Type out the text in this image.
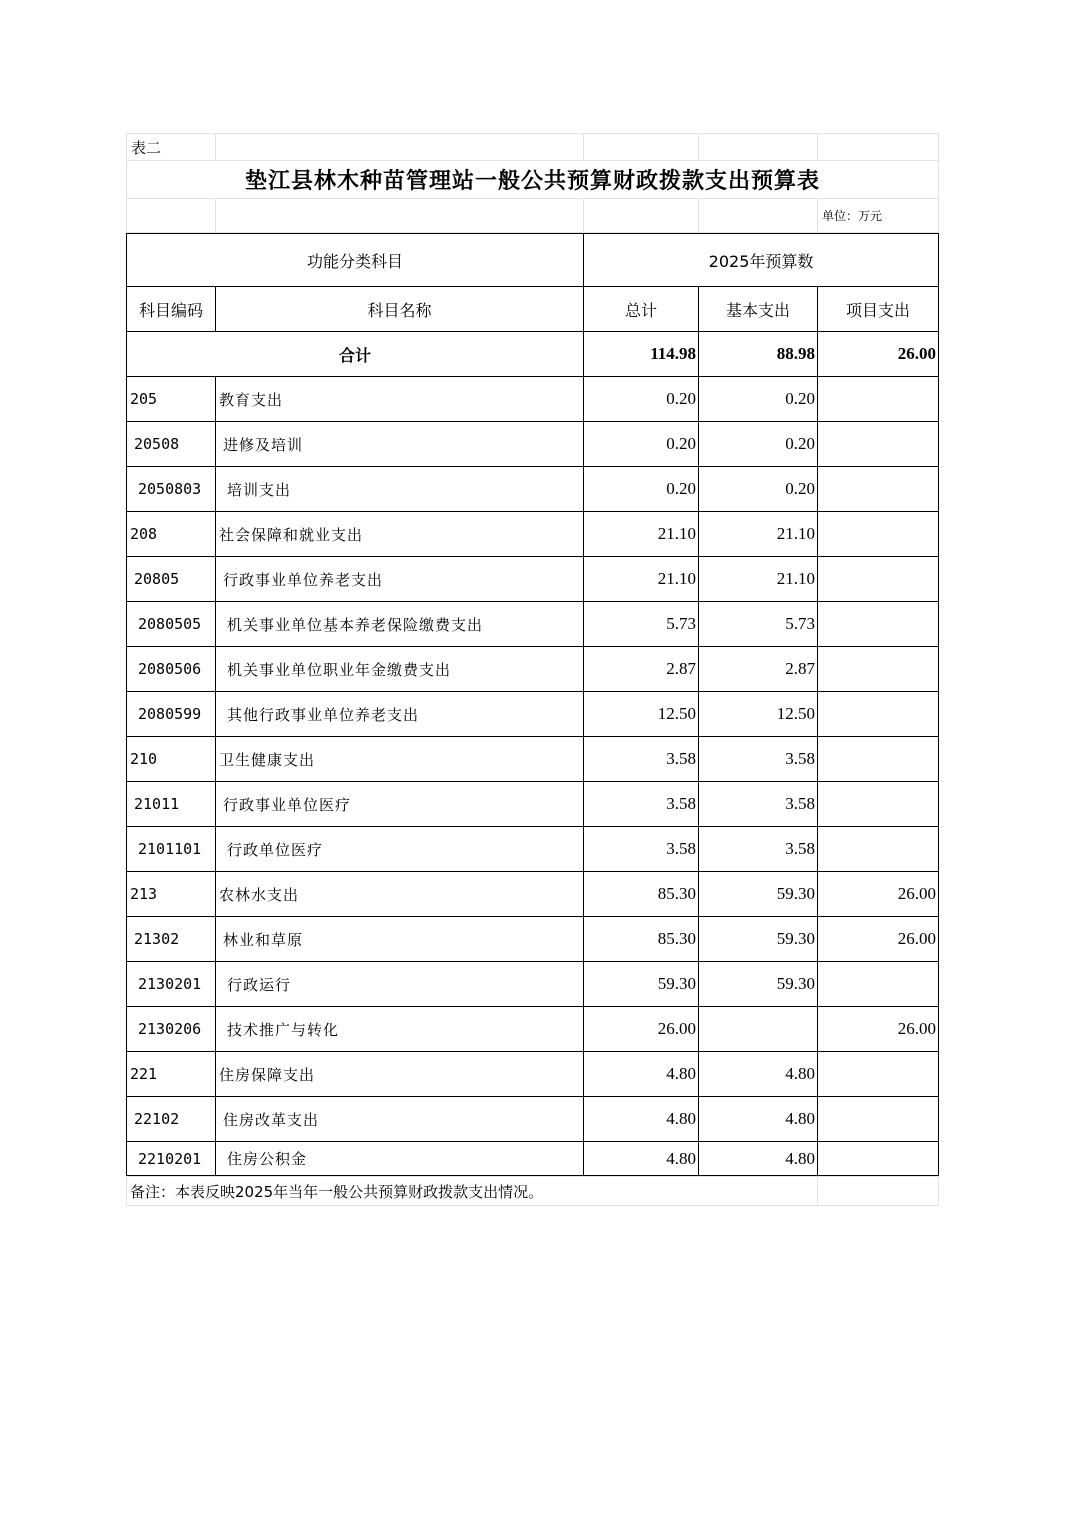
表二				
垫江县林木种苗管理站一般公共预算财政拨款支出预算表				
				单位：万元
功能分类科目		2025年预算数		
科目编码	科目名称	总计	基本支出	项目支出
合计		114.98	88.98	26.00
205	教育支出	0.20	0.20	
20508	进修及培训	0.20	0.20	
2050803	培训支出	0.20	0.20	
208	社会保障和就业支出	21.10	21.10	
20805	行政事业单位养老支出	21.10	21.10	
2080505	机关事业单位基本养老保险缴费支出	5.73	5.73	
2080506	机关事业单位职业年金缴费支出	2.87	2.87	
2080599	其他行政事业单位养老支出	12.50	12.50	
210	卫生健康支出	3.58	3.58	
21011	行政事业单位医疗	3.58	3.58	
2101101	行政单位医疗	3.58	3.58	
213	农林水支出	85.30	59.30	26.00
21302	林业和草原	85.30	59.30	26.00
2130201	行政运行	59.30	59.30	
2130206	技术推广与转化	26.00		26.00
221	住房保障支出	4.80	4.80	
22102	住房改革支出	4.80	4.80	
2210201	住房公积金	4.80	4.80	
备注：本表反映2025年当年一般公共预算财政拨款支出情况。	
